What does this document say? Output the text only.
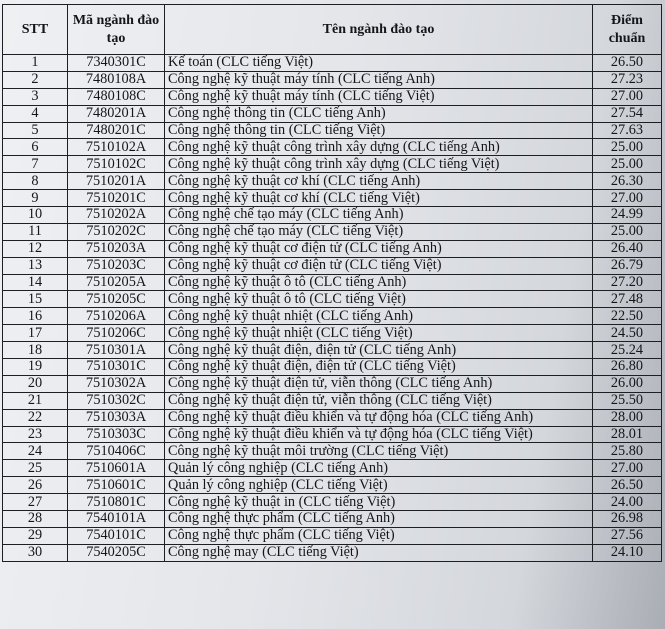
STT	Mã ngành đào tạo	Tên ngành đào tạo	Điểm chuẩn
1	7340301C	Kế toán (CLC tiếng Việt)	26.50
2	7480108A	Công nghệ kỹ thuật máy tính (CLC tiếng Anh)	27.23
3	7480108C	Công nghệ kỹ thuật máy tính (CLC tiếng Việt)	27.00
4	7480201A	Công nghệ thông tin (CLC tiếng Anh)	27.54
5	7480201C	Công nghệ thông tin (CLC tiếng Việt)	27.63
6	7510102A	Công nghệ kỹ thuật công trình xây dựng (CLC tiếng Anh)	25.00
7	7510102C	Công nghệ kỹ thuật công trình xây dựng (CLC tiếng Việt)	25.00
8	7510201A	Công nghệ kỹ thuật cơ khí (CLC tiếng Anh)	26.30
9	7510201C	Công nghệ kỹ thuật cơ khí (CLC tiếng Việt)	27.00
10	7510202A	Công nghệ chế tạo máy (CLC tiếng Anh)	24.99
11	7510202C	Công nghệ chế tạo máy (CLC tiếng Việt)	25.00
12	7510203A	Công nghệ kỹ thuật cơ điện tử (CLC tiếng Anh)	26.40
13	7510203C	Công nghệ kỹ thuật cơ điện tử (CLC tiếng Việt)	26.79
14	7510205A	Công nghệ kỹ thuật ô tô (CLC tiếng Anh)	27.20
15	7510205C	Công nghệ kỹ thuật ô tô (CLC tiếng Việt)	27.48
16	7510206A	Công nghệ kỹ thuật nhiệt (CLC tiếng Anh)	22.50
17	7510206C	Công nghệ kỹ thuật nhiệt (CLC tiếng Việt)	24.50
18	7510301A	Công nghệ kỹ thuật điện, điện tử (CLC tiếng Anh)	25.24
19	7510301C	Công nghệ kỹ thuật điện, điện tử (CLC tiếng Việt)	26.80
20	7510302A	Công nghệ kỹ thuật điện tử, viễn thông (CLC tiếng Anh)	26.00
21	7510302C	Công nghệ kỹ thuật điện tử, viễn thông (CLC tiếng Việt)	25.50
22	7510303A	Công nghệ kỹ thuật điều khiển và tự động hóa (CLC tiếng Anh)	28.00
23	7510303C	Công nghệ kỹ thuật điều khiển và tự động hóa (CLC tiếng Việt)	28.01
24	7510406C	Công nghệ kỹ thuật môi trường (CLC tiếng Việt)	25.80
25	7510601A	Quản lý công nghiệp (CLC tiếng Anh)	27.00
26	7510601C	Quản lý công nghiệp (CLC tiếng Việt)	26.50
27	7510801C	Công nghệ kỹ thuật in (CLC tiếng Việt)	24.00
28	7540101A	Công nghệ thực phẩm (CLC tiếng Anh)	26.98
29	7540101C	Công nghệ thực phẩm (CLC tiếng Việt)	27.56
30	7540205C	Công nghệ may (CLC tiếng Việt)	24.10
